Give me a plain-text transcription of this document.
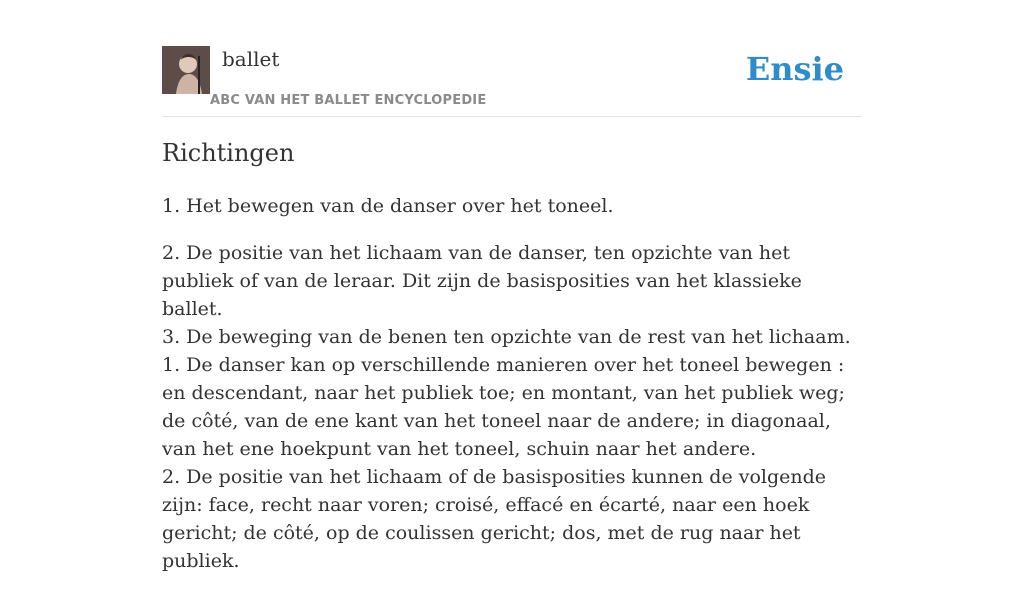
ballet
ABC VAN HET BALLET ENCYCLOPEDIE
Ensie
Richtingen

1. Het bewegen van de danser over het toneel.

2. De positie van het lichaam van de danser, ten opzichte van het publiek of van de leraar. Dit zijn de basisposities van het klassieke ballet.
3. De beweging van de benen ten opzichte van de rest van het lichaam.
1. De danser kan op verschillende manieren over het toneel bewegen : en descendant, naar het publiek toe; en montant, van het publiek weg; de côté, van de ene kant van het toneel naar de andere; in diagonaal, van het ene hoekpunt van het toneel, schuin naar het andere.
2. De positie van het lichaam of de basisposities kunnen de volgende zijn: face, recht naar voren; croisé, effacé en écarté, naar een hoek gericht; de côté, op de coulissen gericht; dos, met de rug naar het publiek.
